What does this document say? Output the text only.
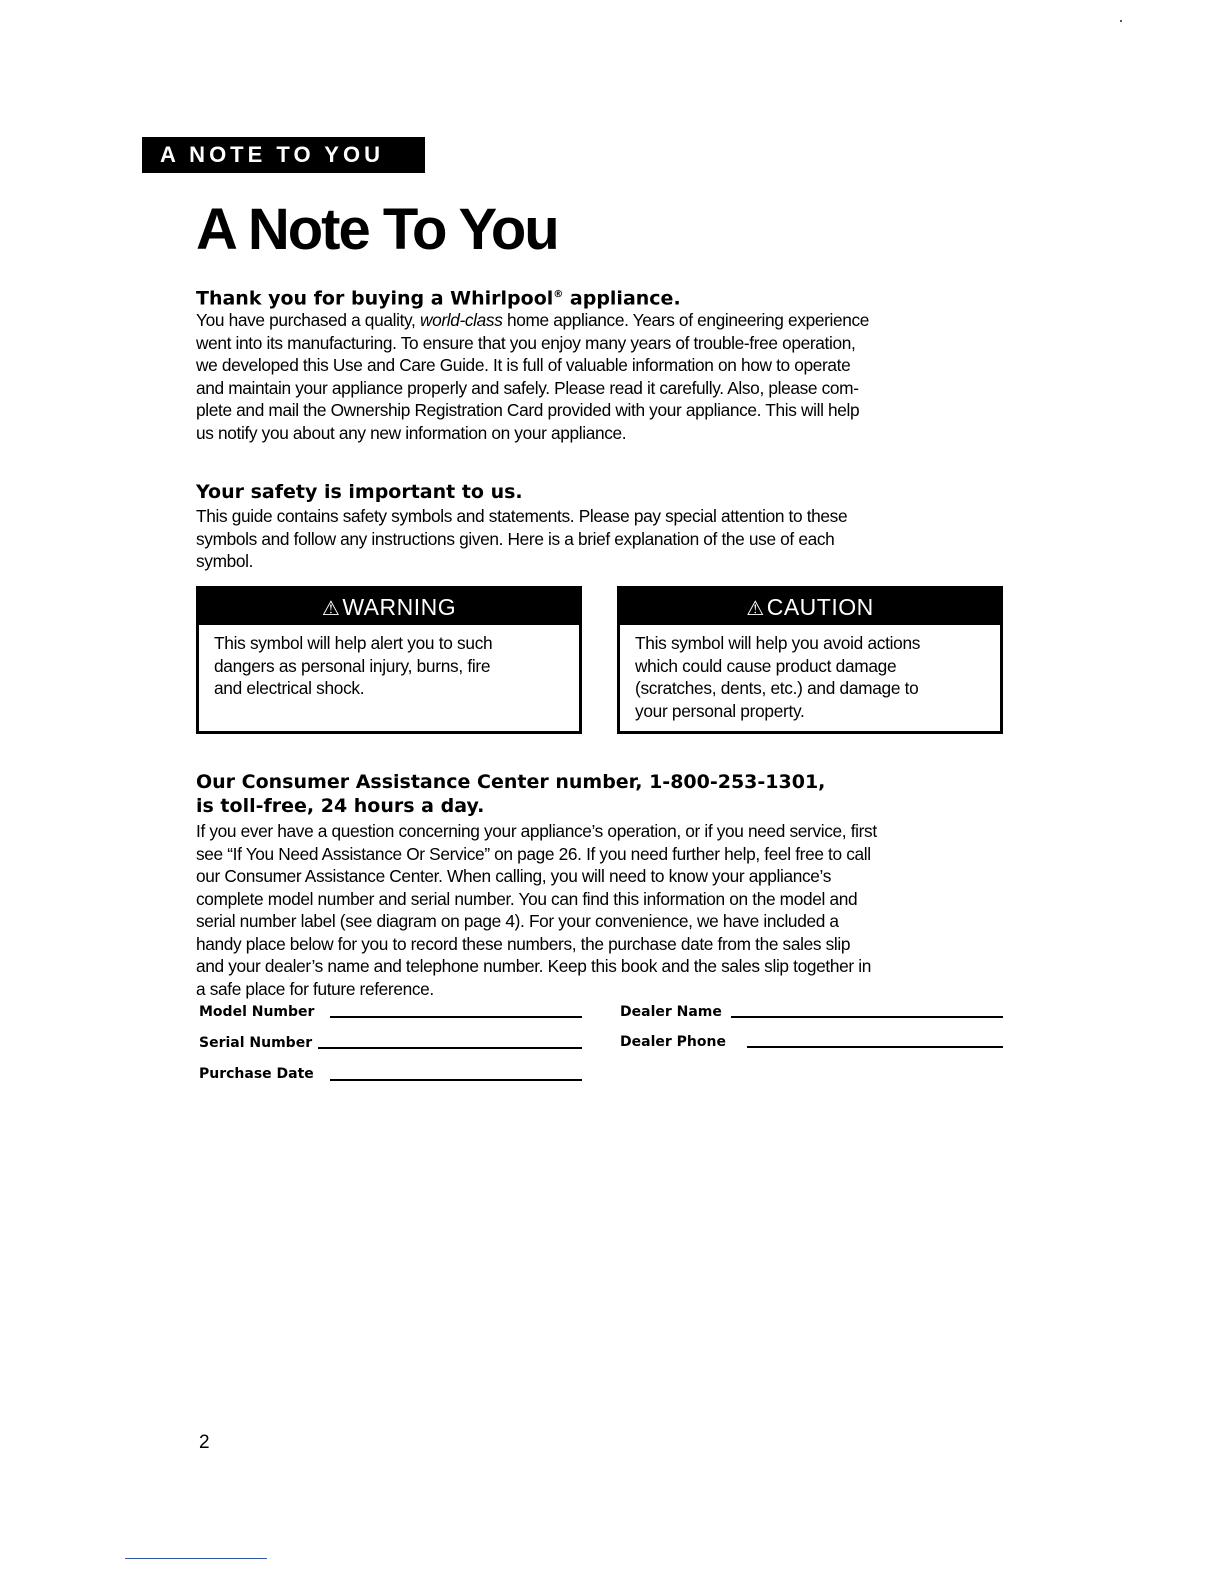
A NOTE TO YOU
A Note To You
Thank you for buying a Whirlpool® appliance.
You have purchased a quality, world-class home appliance. Years of engineering experience
went into its manufacturing. To ensure that you enjoy many years of trouble-free operation,
we developed this Use and Care Guide. It is full of valuable information on how to operate
and maintain your appliance properly and safely. Please read it carefully. Also, please com-
plete and mail the Ownership Registration Card provided with your appliance. This will help
us notify you about any new information on your appliance.
Your safety is important to us.
This guide contains safety symbols and statements. Please pay special attention to these
symbols and follow any instructions given. Here is a brief explanation of the use of each
symbol.
⚠WARNING
This symbol will help alert you to such
dangers as personal injury, burns, fire
and electrical shock.
⚠CAUTION
This symbol will help you avoid actions
which could cause product damage
(scratches, dents, etc.) and damage to
your personal property.
Our Consumer Assistance Center number, 1-800-253-1301,
is toll-free, 24 hours a day.
If you ever have a question concerning your appliance’s operation, or if you need service, first
see “If You Need Assistance Or Service” on page 26. If you need further help, feel free to call
our Consumer Assistance Center. When calling, you will need to know your appliance’s
complete model number and serial number. You can find this information on the model and
serial number label (see diagram on page 4). For your convenience, we have included a
handy place below for you to record these numbers, the purchase date from the sales slip
and your dealer’s name and telephone number. Keep this book and the sales slip together in
a safe place for future reference.
Model Number
Serial Number
Purchase Date
Dealer Name
Dealer Phone
2
